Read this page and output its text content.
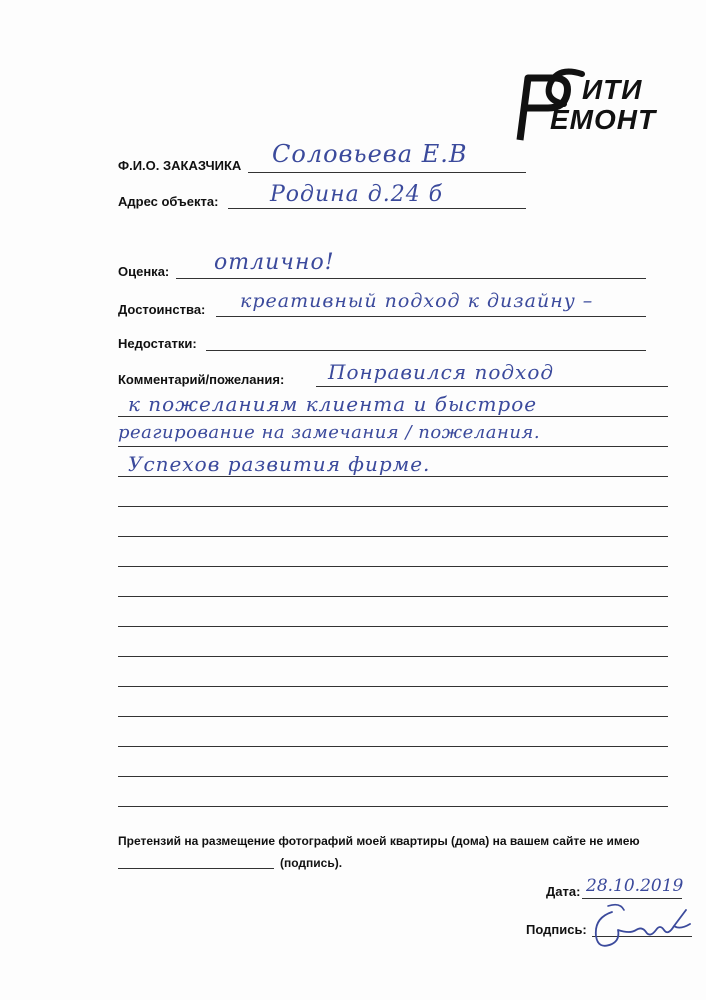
ИТИ
ЕМОНТ
Ф.И.О. ЗАКАЗЧИКА Соловьева Е.В
Адрес объекта: Родина д.24 б
Оценка: отлично!
Достоинства: креативный подход к дизайну –
Недостатки:
Комментарий/пожелания: Понравился подход
к пожеланиям клиента и быстрое
реагирование на замечания / пожелания.
Успехов развития фирме.
Претензий на размещение фотографий моей квартиры (дома) на вашем сайте не имею
(подпись).
Дата: 28.10.2019
Подпись:
